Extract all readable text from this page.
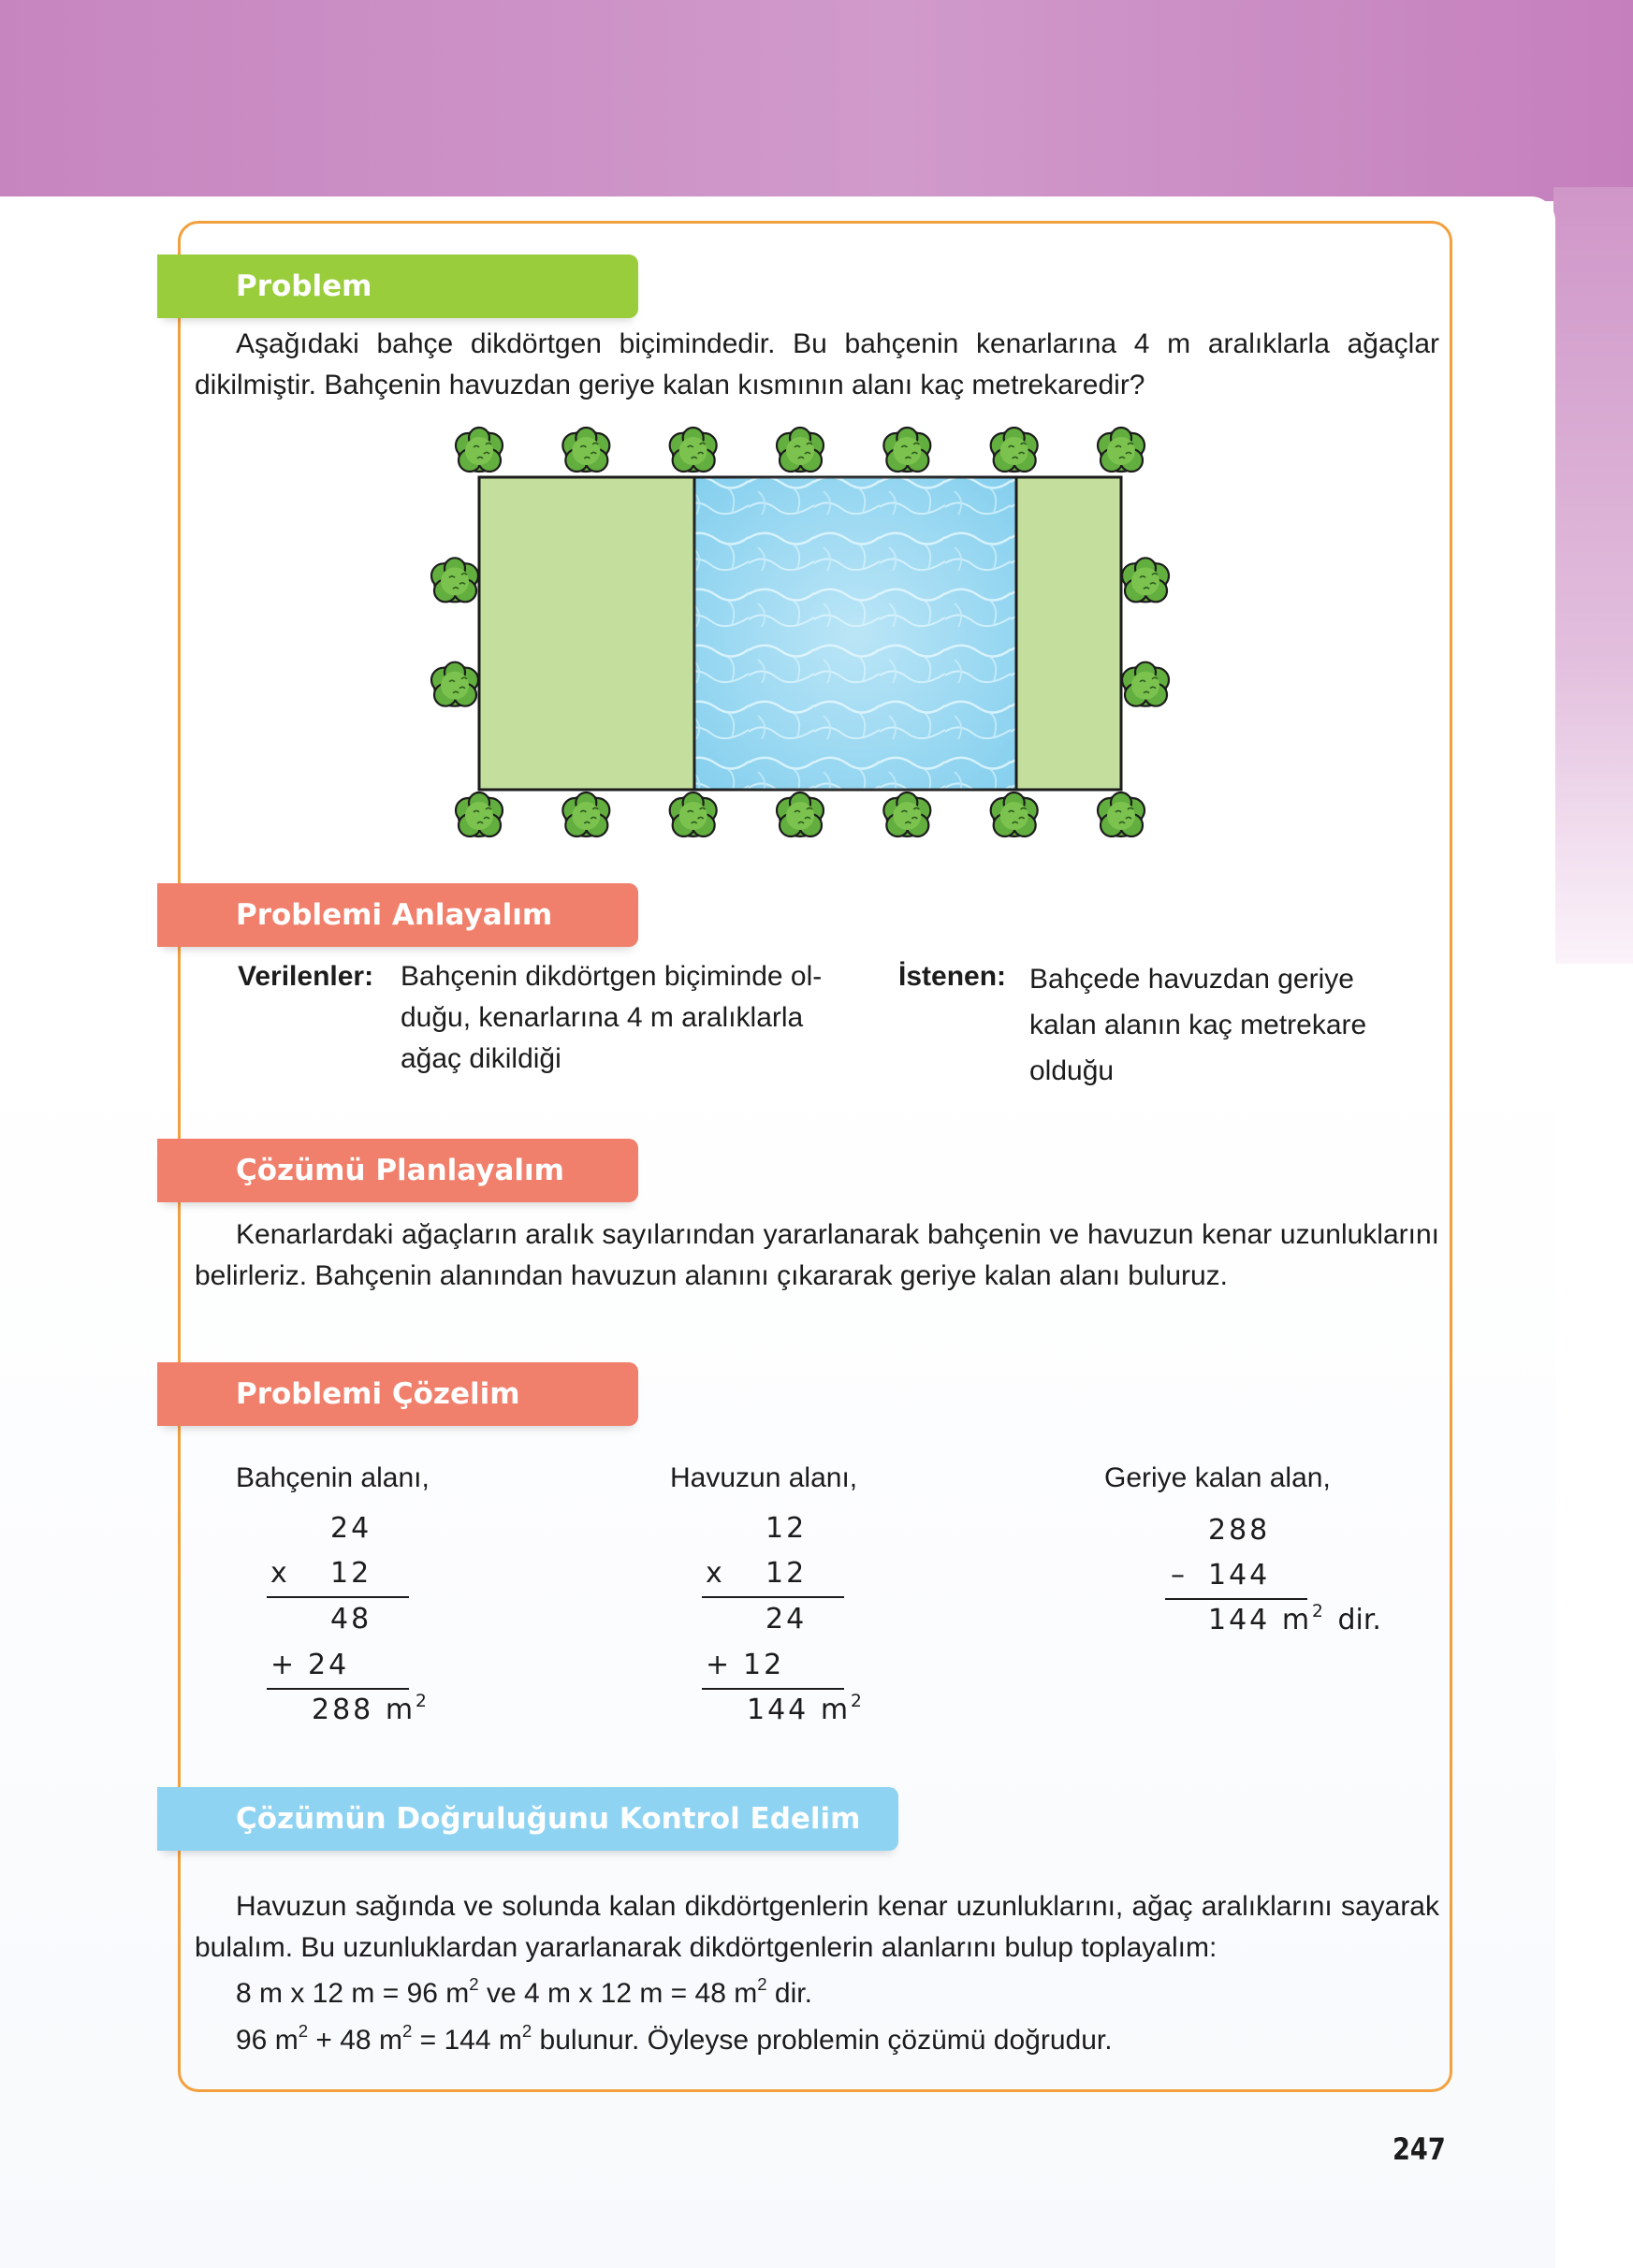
Problem
Aşağıdaki bahçe dikdörtgen biçimindedir. Bu bahçenin kenarlarına 4 m aralıklarla ağaçlar dikilmiştir. Bahçenin havuzdan geriye kalan kısmının alanı kaç metrekaredir?
Problemi Anlayalım
Verilenler: Bahçenin dikdörtgen biçiminde ol-
duğu, kenarlarına 4 m aralıklarla
ağaç dikildiği
İstenen: Bahçede havuzdan geriye
kalan alanın kaç metrekare
olduğu
Çözümü Planlayalım
Kenarlardaki ağaçların aralık sayılarından yararlanarak bahçenin ve havuzun kenar uzunluklarını belirleriz. Bahçenin alanından havuzun alanını çıkararak geriye kalan alanı buluruz.
Problemi Çözelim
Bahçenin alanı,
24
x 12
48
+ 24
288 $m^2$
Havuzun alanı,
12
x 12
24
+ 12
144 $m^2$
Geriye kalan alan,
288
– 144
144 $m^2$ dir.
Çözümün Doğruluğunu Kontrol Edelim
Havuzun sağında ve solunda kalan dikdörtgenlerin kenar uzunluklarını, ağaç aralıklarını sayarak bulalım. Bu uzunluklardan yararlanarak dikdörtgenlerin alanlarını bulup toplayalım:
8 m x 12 m = 96 $m^2$ ve 4 m x 12 m = 48 $m^2$ dir.
96 $m^2 + 48$ $m^2 = 144$ $m^2$ bulunur. Öyleyse problemin çözümü doğrudur.
247
